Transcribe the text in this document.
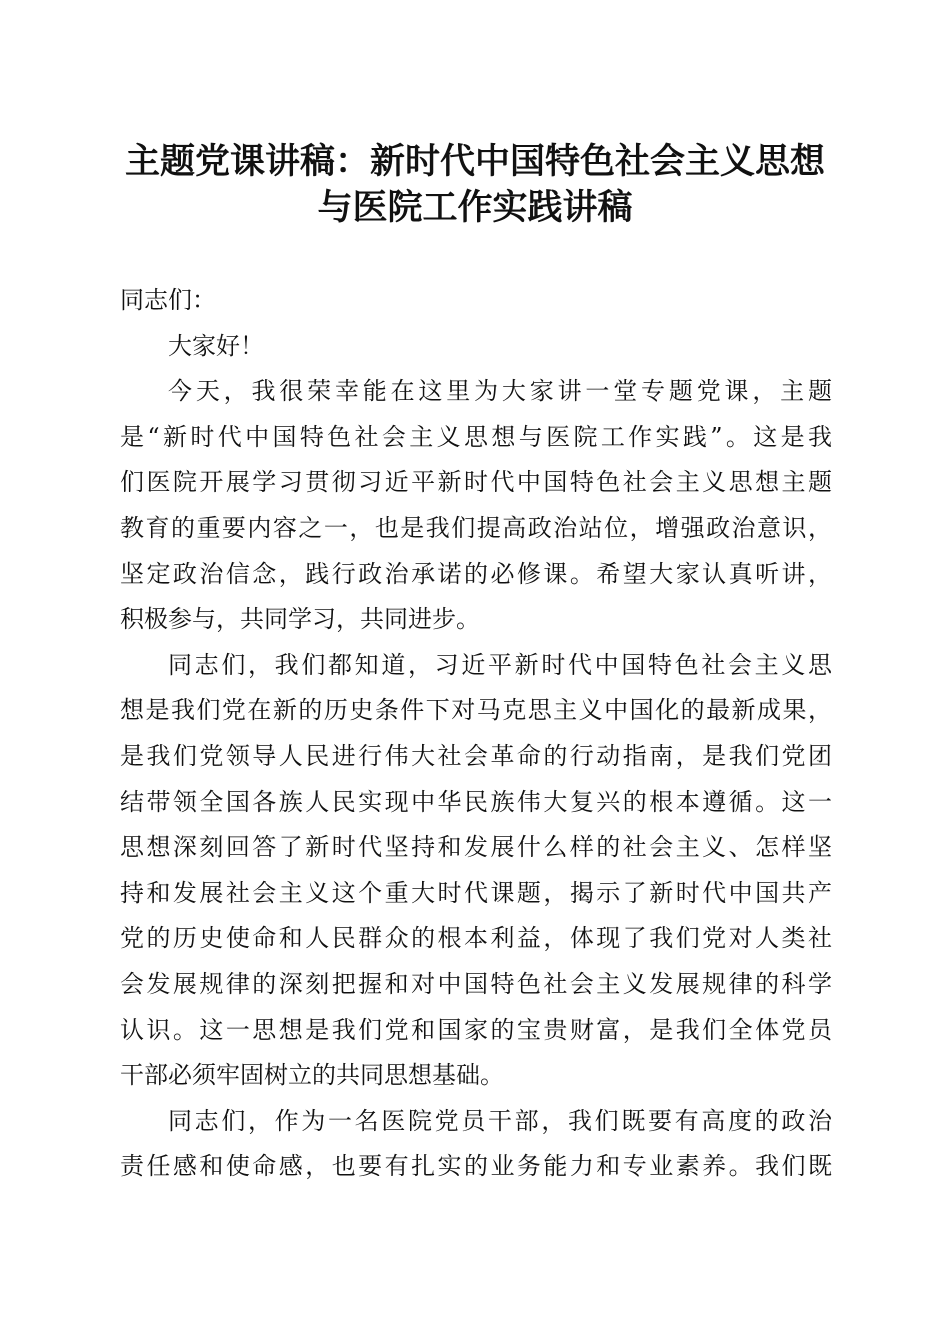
主题党课讲稿：新时代中国特色社会主义思想
与医院工作实践讲稿
同志们：
大家好！
今天，我很荣幸能在这里为大家讲一堂专题党课，主题
是“新时代中国特色社会主义思想与医院工作实践”。这是我
们医院开展学习贯彻习近平新时代中国特色社会主义思想主题
教育的重要内容之一，也是我们提高政治站位，增强政治意识，
坚定政治信念，践行政治承诺的必修课。希望大家认真听讲，
积极参与，共同学习，共同进步。
同志们，我们都知道，习近平新时代中国特色社会主义思
想是我们党在新的历史条件下对马克思主义中国化的最新成果，
是我们党领导人民进行伟大社会革命的行动指南，是我们党团
结带领全国各族人民实现中华民族伟大复兴的根本遵循。这一
思想深刻回答了新时代坚持和发展什么样的社会主义、怎样坚
持和发展社会主义这个重大时代课题，揭示了新时代中国共产
党的历史使命和人民群众的根本利益，体现了我们党对人类社
会发展规律的深刻把握和对中国特色社会主义发展规律的科学
认识。这一思想是我们党和国家的宝贵财富，是我们全体党员
干部必须牢固树立的共同思想基础。
同志们，作为一名医院党员干部，我们既要有高度的政治
责任感和使命感，也要有扎实的业务能力和专业素养。我们既
